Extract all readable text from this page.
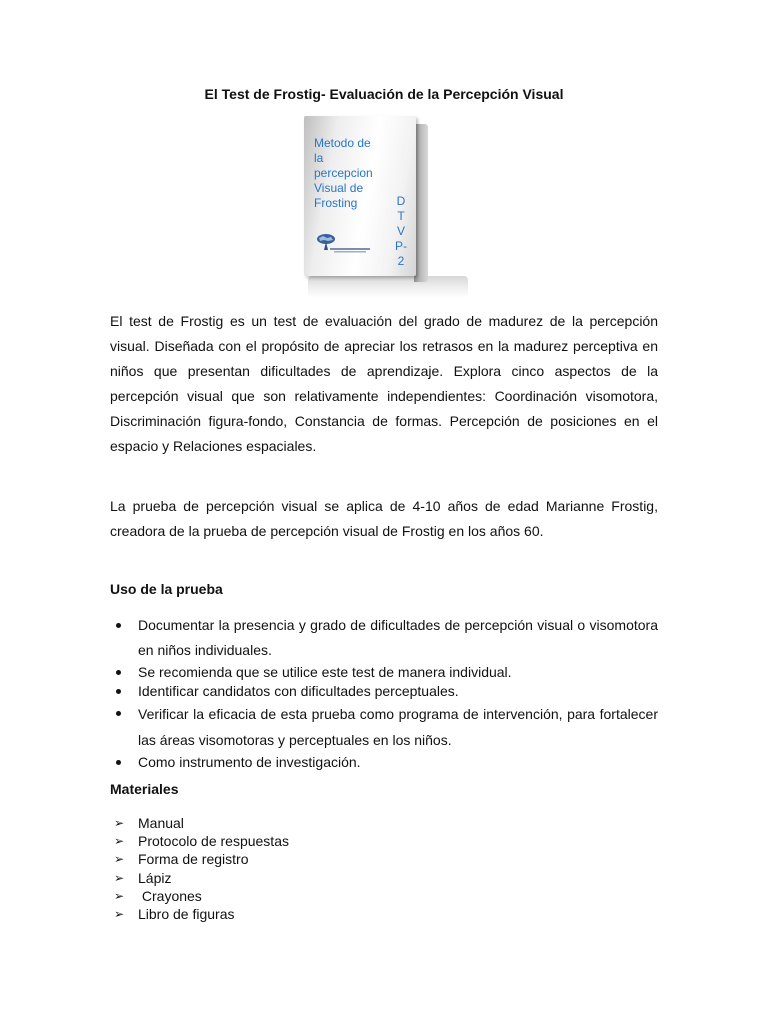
El Test de Frostig- Evaluación de la Percepción Visual
Metodo de
la
percepcion
Visual de
Frosting	D
T
V
P-
2
El test de Frostig es un test de evaluación del grado de madurez de la percepción visual. Diseñada con el propósito de apreciar los retrasos en la madurez perceptiva en niños que presentan dificultades de aprendizaje. Explora cinco aspectos de la percepción visual que son relativamente independientes: Coordinación visomotora, Discriminación figura-fondo, Constancia de formas. Percepción de posiciones en el espacio y Relaciones espaciales.
La prueba de percepción visual se aplica de 4-10 años de edad Marianne Frostig, creadora de la prueba de percepción visual de Frostig en los años 60.
Uso de la prueba
Documentar la presencia y grado de dificultades de percepción visual o visomotora en niños individuales.
Se recomienda que se utilice este test de manera individual.
Identificar candidatos con dificultades perceptuales.
Verificar la eficacia de esta prueba como programa de intervención, para fortalecer las áreas visomotoras y perceptuales en los niños.
Como instrumento de investigación.
Materiales
➢ Manual
➢ Protocolo de respuestas
➢ Forma de registro
➢ Lápiz
➢ Crayones
➢ Libro de figuras
